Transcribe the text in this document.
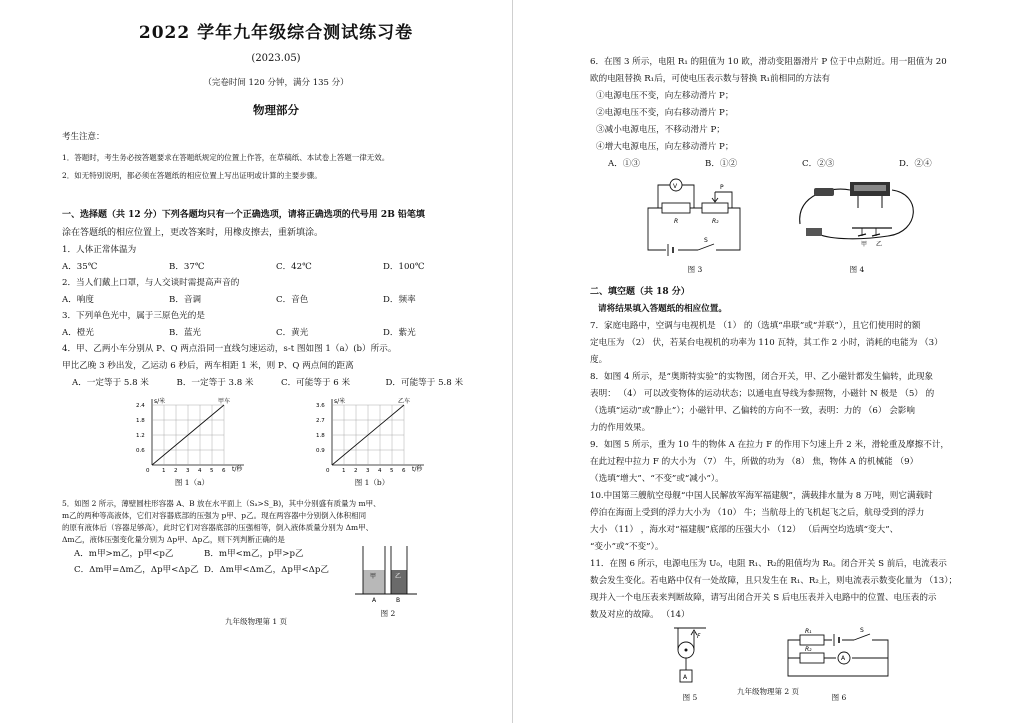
2022 学年九年级综合测试练习卷
(2023.05)
（完卷时间 120 分钟，满分 135 分）
物理部分
考生注意：
1．答题时，考生务必按答题要求在答题纸规定的位置上作答，在草稿纸、本试卷上答题一律无效。
2．如无特别说明，都必须在答题纸的相应位置上写出证明或计算的主要步骤。
一、选择题（共 12 分）下列各题均只有一个正确选项，请将正确选项的代号用 2B 铅笔填
涂在答题纸的相应位置上，更改答案时，用橡皮擦去，重新填涂。
1．人体正常体温为
A．35℃	B．37℃	C．42℃	D．100℃
2．当人们戴上口罩，与人交谈时需提高声音的
A．响度	B．音调	C．音色	D．频率
3．下列单色光中，属于三原色光的是
A．橙光	B．蓝光	C．黄光	D．紫光
4．甲、乙两小车分别从 P、Q 两点沿同一直线匀速运动，s-t 图如图 1（a）(b）所示。
甲比乙晚 3 秒出发，乙运动 6 秒后，两车相距 1 米，则 P、Q 两点间的距离
A．一定等于 5.8 米	B．一定等于 3.8 米	C．可能等于 6 米	D．可能等于 5.8 米
s/米	甲车
t/秒
2.4
1.8
1.2
0.6
0 1 2 3 4 5 6
图 1（a）
s/米	乙车
t/秒
3.6
2.7
1.8
0.9
0 1 2 3 4 5 6
图 1（b）
5．如图 2 所示，薄壁圆柱形容器 A、B 放在水平面上（Sₐ>S_B)，其中分别盛有质量为 m甲、
m乙的两种等高液体，它们对容器底部的压强为 p甲、p乙。现在两容器中分别倒入体积相同
的原有液体后（容器足够高），此时它们对容器底部的压强相等，倒入液体质量分别为 Δm甲、
Δm乙，液体压强变化量分别为 Δp甲、Δp乙，则下列判断正确的是
A．m甲>m乙，p甲<p乙	B．m甲<m乙，p甲>p乙
C．Δm甲=Δm乙，Δp甲<Δp乙 D．Δm甲<Δm乙，Δp甲<Δp乙
甲	乙
A	B
图 2
九年级物理第 1 页
6．在图 3 所示，电阻 R₁ 的阻值为 10 欧，滑动变阻器滑片 P 位于中点附近。用一阻值为 20
欧的电阻替换 R₁后，可使电压表示数与替换 R₁前相同的方法有
①电源电压不变，向左移动滑片 P；
②电源电压不变，向右移动滑片 P；
③减小电源电压，不移动滑片 P；
④增大电源电压，向左移动滑片 P；
A．①③	B．①②	C．②③	D．②④
V
R	R₂
P
S
图 3
甲 乙
图 4
二、填空题（共 18 分）
请将结果填入答题纸的相应位置。
7．家庭电路中，空调与电视机是 （1） 的（选填“串联”或“并联”），且它们使用时的额
定电压为 （2） 伏，若某台电视机的功率为 110 瓦特，其工作 2 小时，消耗的电能为 （3）
度。
8．如图 4 所示，是“奥斯特实验”的实物图，闭合开关，甲、乙小磁针都发生偏转，此现象
表明： （4） 可以改变物体的运动状态；以通电直导线为参照物，小磁针 N 极是 （5） 的
（选填“运动”或“静止”）；小磁针甲、乙偏转的方向不一致，表明：力的 （6） 会影响
力的作用效果。
9．如图 5 所示，重为 10 牛的物体 A 在拉力 F 的作用下匀速上升 2 米，滑轮重及摩擦不计，
在此过程中拉力 F 的大小为 （7） 牛，所做的功为 （8） 焦，物体 A 的机械能 （9）
（选填“增大”、“不变”或“减小”）。
10.中国第三艘航空母舰“中国人民解放军海军福建舰”，满载排水量为 8 万吨，则它满载时
停泊在海面上受到的浮力大小为 （10） 牛；当航母上的飞机起飞之后，航母受到的浮力
大小 （11） ，海水对“福建舰”底部的压强大小 （12） （后两空均选填“变大”、
“变小”或“不变”）。
11．在图 6 所示，电源电压为 U₀，电阻 R₁、R₂的阻值均为 R₀。闭合开关 S 前后，电流表示
数会发生变化。若电路中仅有一处故障，且只发生在 R₁、R₂上，则电流表示数变化量为 （13）；
现并入一个电压表来判断故障，请写出闭合开关 S 后电压表并入电路中的位置、电压表的示
数及对应的故障。 （14）
F
A
图 5
R₁
R₂
S
A
图 6
九年级物理第 2 页
